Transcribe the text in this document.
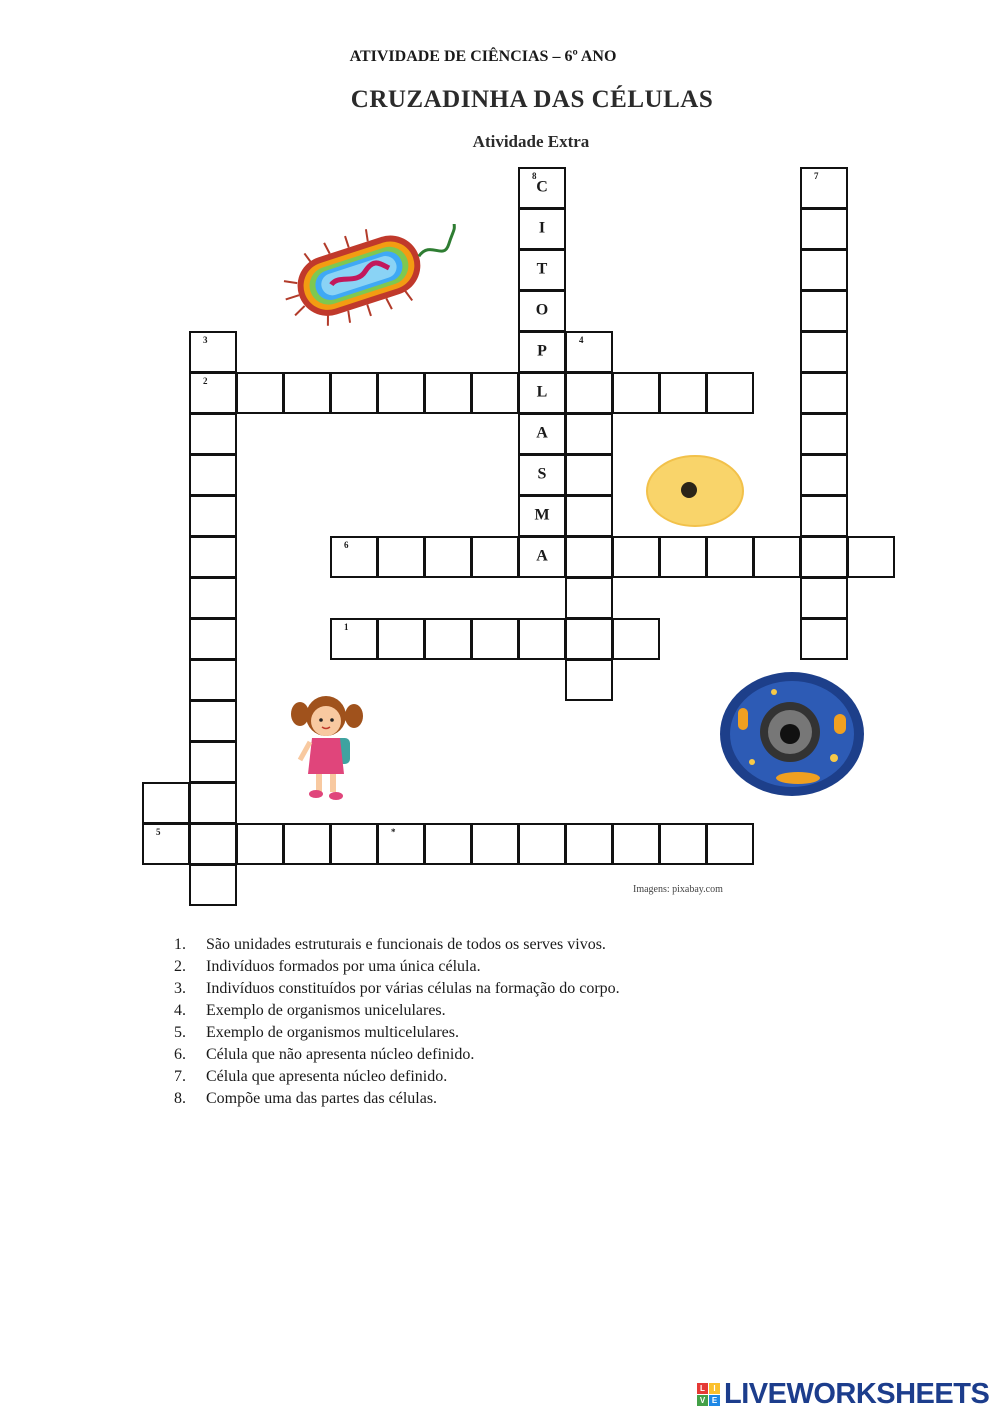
ATIVIDADE DE CIÊNCIAS – 6º ANO
CRUZADINHA DAS CÉLULAS
Atividade Extra
8
C
I
T
O
P
L
A
S
M
A
7
3
2
4
6
1
5	*
Imagens: pixabay.com
1. São unidades estruturais e funcionais de todos os serves vivos.
2. Indivíduos formados por uma única célula.
3. Indivíduos constituídos por várias células na formação do corpo.
4. Exemplo de organismos unicelulares.
5. Exemplo de organismos multicelulares.
6. Célula que não apresenta núcleo definido.
7. Célula que apresenta núcleo definido.
8. Compõe uma das partes das células.
L	I
V E LIVEWORKSHEETS
